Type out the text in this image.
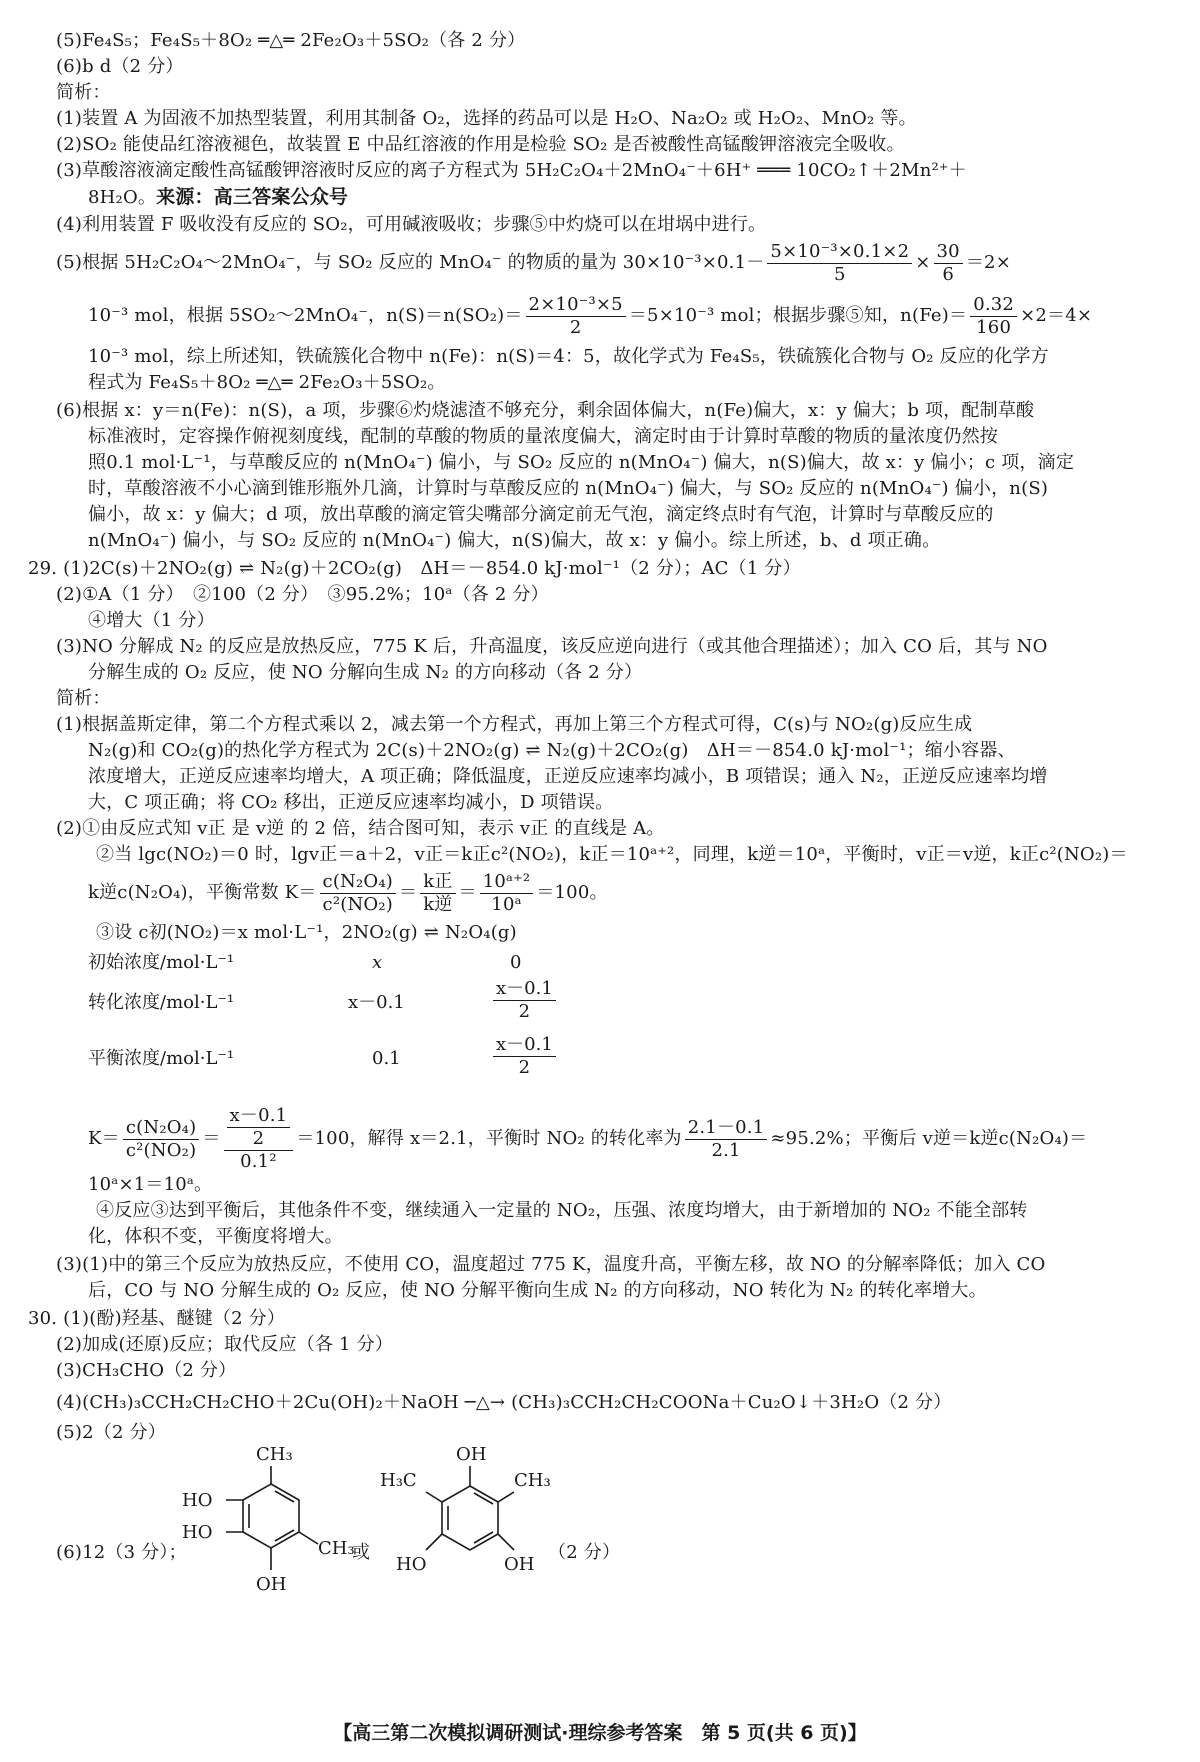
(5)Fe₄S₅；Fe₄S₅＋8O₂ ═△═ 2Fe₂O₃＋5SO₂（各 2 分）
(6)b d（2 分）
简析：
(1)装置 A 为固液不加热型装置，利用其制备 O₂，选择的药品可以是 H₂O、Na₂O₂ 或 H₂O₂、MnO₂ 等。
(2)SO₂ 能使品红溶液褪色，故装置 E 中品红溶液的作用是检验 SO₂ 是否被酸性高锰酸钾溶液完全吸收。
(3)草酸溶液滴定酸性高锰酸钾溶液时反应的离子方程式为 5H₂C₂O₄＋2MnO₄⁻＋6H⁺ ═══ 10CO₂↑＋2Mn²⁺＋
8H₂O。来源：高三答案公众号
(4)利用装置 F 吸收没有反应的 SO₂，可用碱液吸收；步骤⑤中灼烧可以在坩埚中进行。
(5)根据 5H₂C₂O₄～2MnO₄⁻，与 SO₂ 反应的 MnO₄⁻ 的物质的量为 $30\times 10^{-3}\times 0.1- \frac{\text{5×10⁻³×0.1×2}}{5} \times \frac{30}{6} =2\times$
10⁻³ mol，根据 5SO₂～2MnO₄⁻，$n(S)=n(SO_2)= \frac{\text{2×10⁻³×5}}{2} =5\times 10^{-3}$ mol；根据步骤⑤知，$n(Fe)= \frac{0.32}{160} \times 2=4\times$
10⁻³ mol，综上所述知，铁硫簇化合物中 n(Fe)：n(S)＝4：5，故化学式为 Fe₄S₅，铁硫簇化合物与 O₂ 反应的化学方
程式为 Fe₄S₅＋8O₂ ═△═ 2Fe₂O₃＋5SO₂。
(6)根据 x：y＝n(Fe)：n(S)，a 项，步骤⑥灼烧滤渣不够充分，剩余固体偏大，n(Fe)偏大，x：y 偏大；b 项，配制草酸
标准液时，定容操作俯视刻度线，配制的草酸的物质的量浓度偏大，滴定时由于计算时草酸的物质的量浓度仍然按
照0.1 mol·L⁻¹，与草酸反应的 n(MnO₄⁻) 偏小，与 SO₂ 反应的 n(MnO₄⁻) 偏大，n(S)偏大，故 x：y 偏小；c 项，滴定
时，草酸溶液不小心滴到锥形瓶外几滴，计算时与草酸反应的 n(MnO₄⁻) 偏大，与 SO₂ 反应的 n(MnO₄⁻) 偏小，n(S)
偏小，故 x：y 偏大；d 项，放出草酸的滴定管尖嘴部分滴定前无气泡，滴定终点时有气泡，计算时与草酸反应的
n(MnO₄⁻) 偏小，与 SO₂ 反应的 n(MnO₄⁻) 偏大，n(S)偏大，故 x：y 偏小。综上所述，b、d 项正确。
29. (1)2C(s)＋2NO₂(g) ⇌ N₂(g)＋2CO₂(g)　ΔH＝－854.0 kJ·mol⁻¹（2 分）；AC（1 分）
(2)①A（1 分）　②100（2 分）　③95.2%；10ᵃ（各 2 分）
④增大（1 分）
(3)NO 分解成 N₂ 的反应是放热反应，775 K 后，升高温度，该反应逆向进行（或其他合理描述）；加入 CO 后，其与 NO
分解生成的 O₂ 反应，使 NO 分解向生成 N₂ 的方向移动（各 2 分）
简析：
(1)根据盖斯定律，第二个方程式乘以 2，减去第一个方程式，再加上第三个方程式可得，C(s)与 NO₂(g)反应生成
N₂(g)和 CO₂(g)的热化学方程式为 2C(s)＋2NO₂(g) ⇌ N₂(g)＋2CO₂(g)　ΔH＝－854.0 kJ·mol⁻¹；缩小容器、
浓度增大，正逆反应速率均增大，A 项正确；降低温度，正逆反应速率均减小，B 项错误；通入 N₂，正逆反应速率均增
大，C 项正确；将 CO₂ 移出，正逆反应速率均减小，D 项错误。
(2)①由反应式知 v正 是 v逆 的 2 倍，结合图可知，表示 v正 的直线是 A。
②当 lgc(NO₂)＝0 时，lgv正＝a＋2，v正＝k正c²(NO₂)，k正＝10ᵃ⁺²，同理，k逆＝10ᵃ，平衡时，v正＝v逆，k正c²(NO₂)＝
k逆c(N₂O₄)，平衡常数 $K= \frac{\text{c(N₂O₄)}}{\text{c²(NO₂)}} = \frac{\text{k正}}{\text{k逆}} = \frac{\text{10ᵃ⁺²}}{\text{10ᵃ}} =100$。
③设 c初(NO₂)＝x mol·L⁻¹，2NO₂(g) ⇌ N₂O₄(g)
初始浓度/mol·L⁻¹	x	0
转化浓度/mol·L⁻¹	x－0.1	$\frac{x-0.1}{2}$
平衡浓度/mol·L⁻¹	0.1	$\frac{x-0.1}{2}$
$K= \frac{\text{c(N₂O₄)}}{\text{c²(NO₂)}} = \frac{\frac{x-0.1}{2}}{\text{0.1²}} =100$，解得 x＝2.1，平衡时 NO₂ 的转化率为 $\frac{2.1-0.1}{2.1} \approx 95.2\%$；平衡后 v逆＝k逆c(N₂O₄)＝
10ᵃ×1＝10ᵃ。
④反应③达到平衡后，其他条件不变，继续通入一定量的 NO₂，压强、浓度均增大，由于新增加的 NO₂ 不能全部转
化，体积不变，平衡度将增大。
(3)(1)中的第三个反应为放热反应，不使用 CO，温度超过 775 K，温度升高，平衡左移，故 NO 的分解率降低；加入 CO
后，CO 与 NO 分解生成的 O₂ 反应，使 NO 分解平衡向生成 N₂ 的方向移动，NO 转化为 N₂ 的转化率增大。
30. (1)(酚)羟基、醚键（2 分）
(2)加成(还原)反应；取代反应（各 1 分）
(3)CH₃CHO（2 分）
(4)(CH₃)₃CCH₂CH₂CHO＋2Cu(OH)₂＋NaOH ─△→ (CH₃)₃CCH₂CH₂COONa＋Cu₂O↓＋3H₂O（2 分）
(5)2（2 分）
(6)12（3 分）；
CH₃
HO
HO
CH₃
OH
或
OH
H₃C	CH₃
HO	OH
（2 分）
【高三第二次模拟调研测试·理综参考答案　第 5 页(共 6 页)】
